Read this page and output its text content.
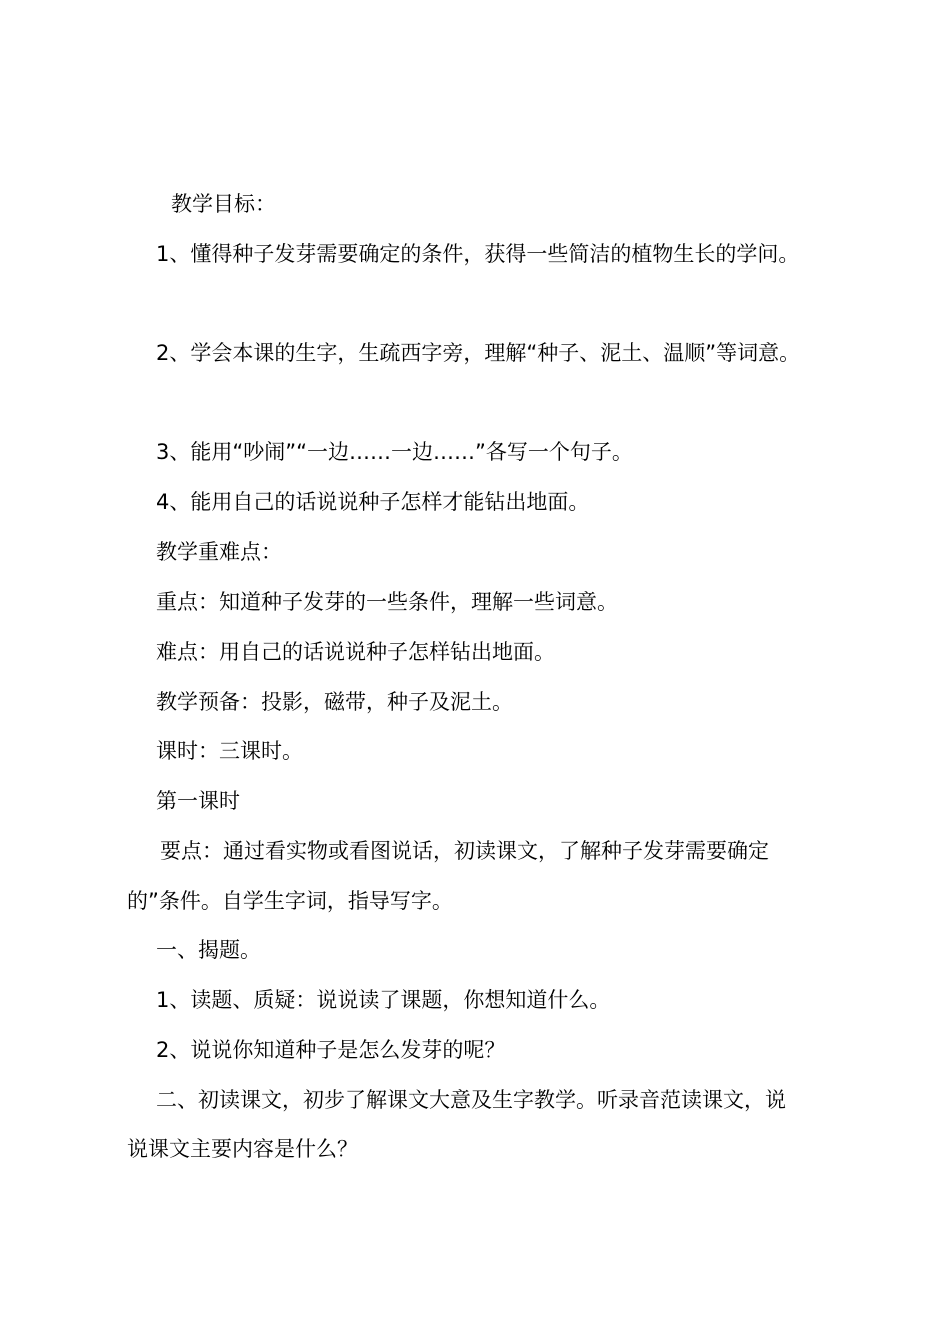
教学目标：

1、懂得种子发芽需要确定的条件，获得一些简洁的植物生长的学问。

2、学会本课的生字，生疏西字旁，理解“种子、泥土、温顺”等词意。

3、能用“吵闹”“一边……一边……”各写一个句子。

4、能用自己的话说说种子怎样才能钻出地面。

教学重难点：

重点：知道种子发芽的一些条件，理解一些词意。

难点：用自己的话说说种子怎样钻出地面。

教学预备：投影，磁带，种子及泥土。

课时：三课时。

第一课时

要点：通过看实物或看图说话，初读课文，了解种子发芽需要确定

的”条件。自学生字词，指导写字。

一、揭题。

1、读题、质疑：说说读了课题，你想知道什么。

2、说说你知道种子是怎么发芽的呢？

二、初读课文，初步了解课文大意及生字教学。听录音范读课文，说

说课文主要内容是什么？
